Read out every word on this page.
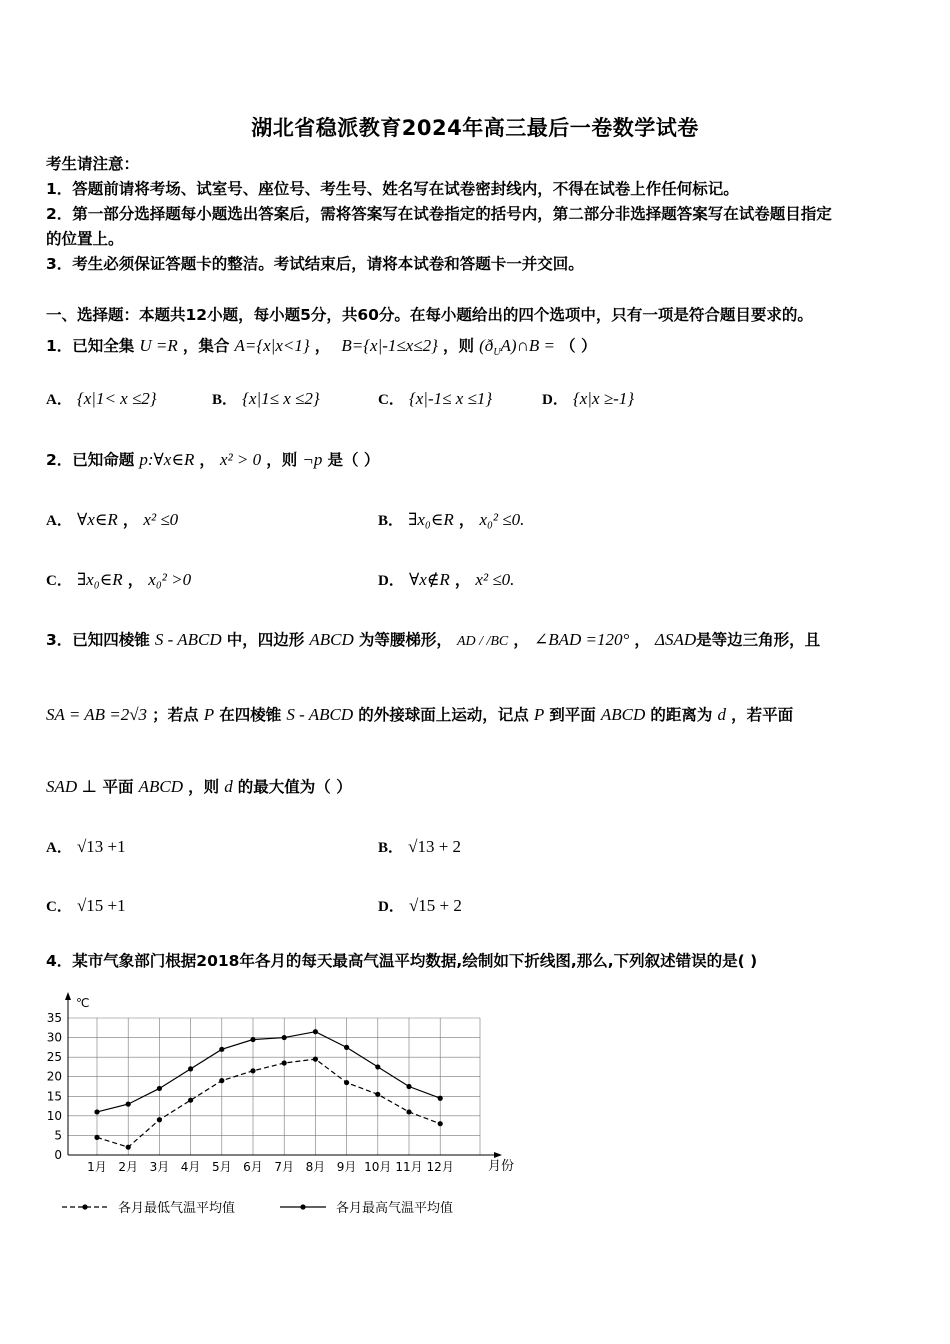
湖北省稳派教育2024年高三最后一卷数学试卷
考生请注意：
1．答题前请将考场、试室号、座位号、考生号、姓名写在试卷密封线内，不得在试卷上作任何标记。
2．第一部分选择题每小题选出答案后，需将答案写在试卷指定的括号内，第二部分非选择题答案写在试卷题目指定
的位置上。
3．考生必须保证答题卡的整洁。考试结束后，请将本试卷和答题卡一并交回。
一、选择题：本题共12小题，每小题5分，共60分。在每小题给出的四个选项中，只有一项是符合题目要求的。
1．已知全集 U =R ，集合 A={x|x<1} ， B={x|-1≤x≤2} ，则 $(ð_UA)\cap B$ = （ ）
A． {x|1< x ≤2}	B． {x|1≤ x ≤2}	C． {x|-1≤ x ≤1}	D． {x|x ≥-1}
2．已知命题 p:∀x∈R ， x² > 0 ，则 ¬p 是（ ）
A． ∀x∈R ， x² ≤0	B． ∃x₀∈R ， x₀² ≤0.
C． ∃x₀∈R ， x₀² >0	D． ∀x∉R ， x² ≤0.
3．已知四棱锥 S - ABCD 中，四边形 ABCD 为等腰梯形， AD / /BC ， ∠BAD =120° ， ΔSAD是等边三角形，且
SA = AB =2√3 ；若点 P 在四棱锥 S - ABCD 的外接球面上运动，记点 P 到平面 ABCD 的距离为 d ，若平面
SAD ⊥ 平面 ABCD ，则 d 的最大值为（ ）
A． √13 +1	B． √13 + 2
C． √15 +1	D． √15 + 2
4．某市气象部门根据2018年各月的每天最高气温平均数据,绘制如下折线图,那么,下列叙述错误的是( )
℃
月份
0
5
10
15
20
25
30
35
1月 2月 3月 4月 5月 6月 7月 8月 9月 10月 11月 12月
各月最低气温平均值	各月最高气温平均值
